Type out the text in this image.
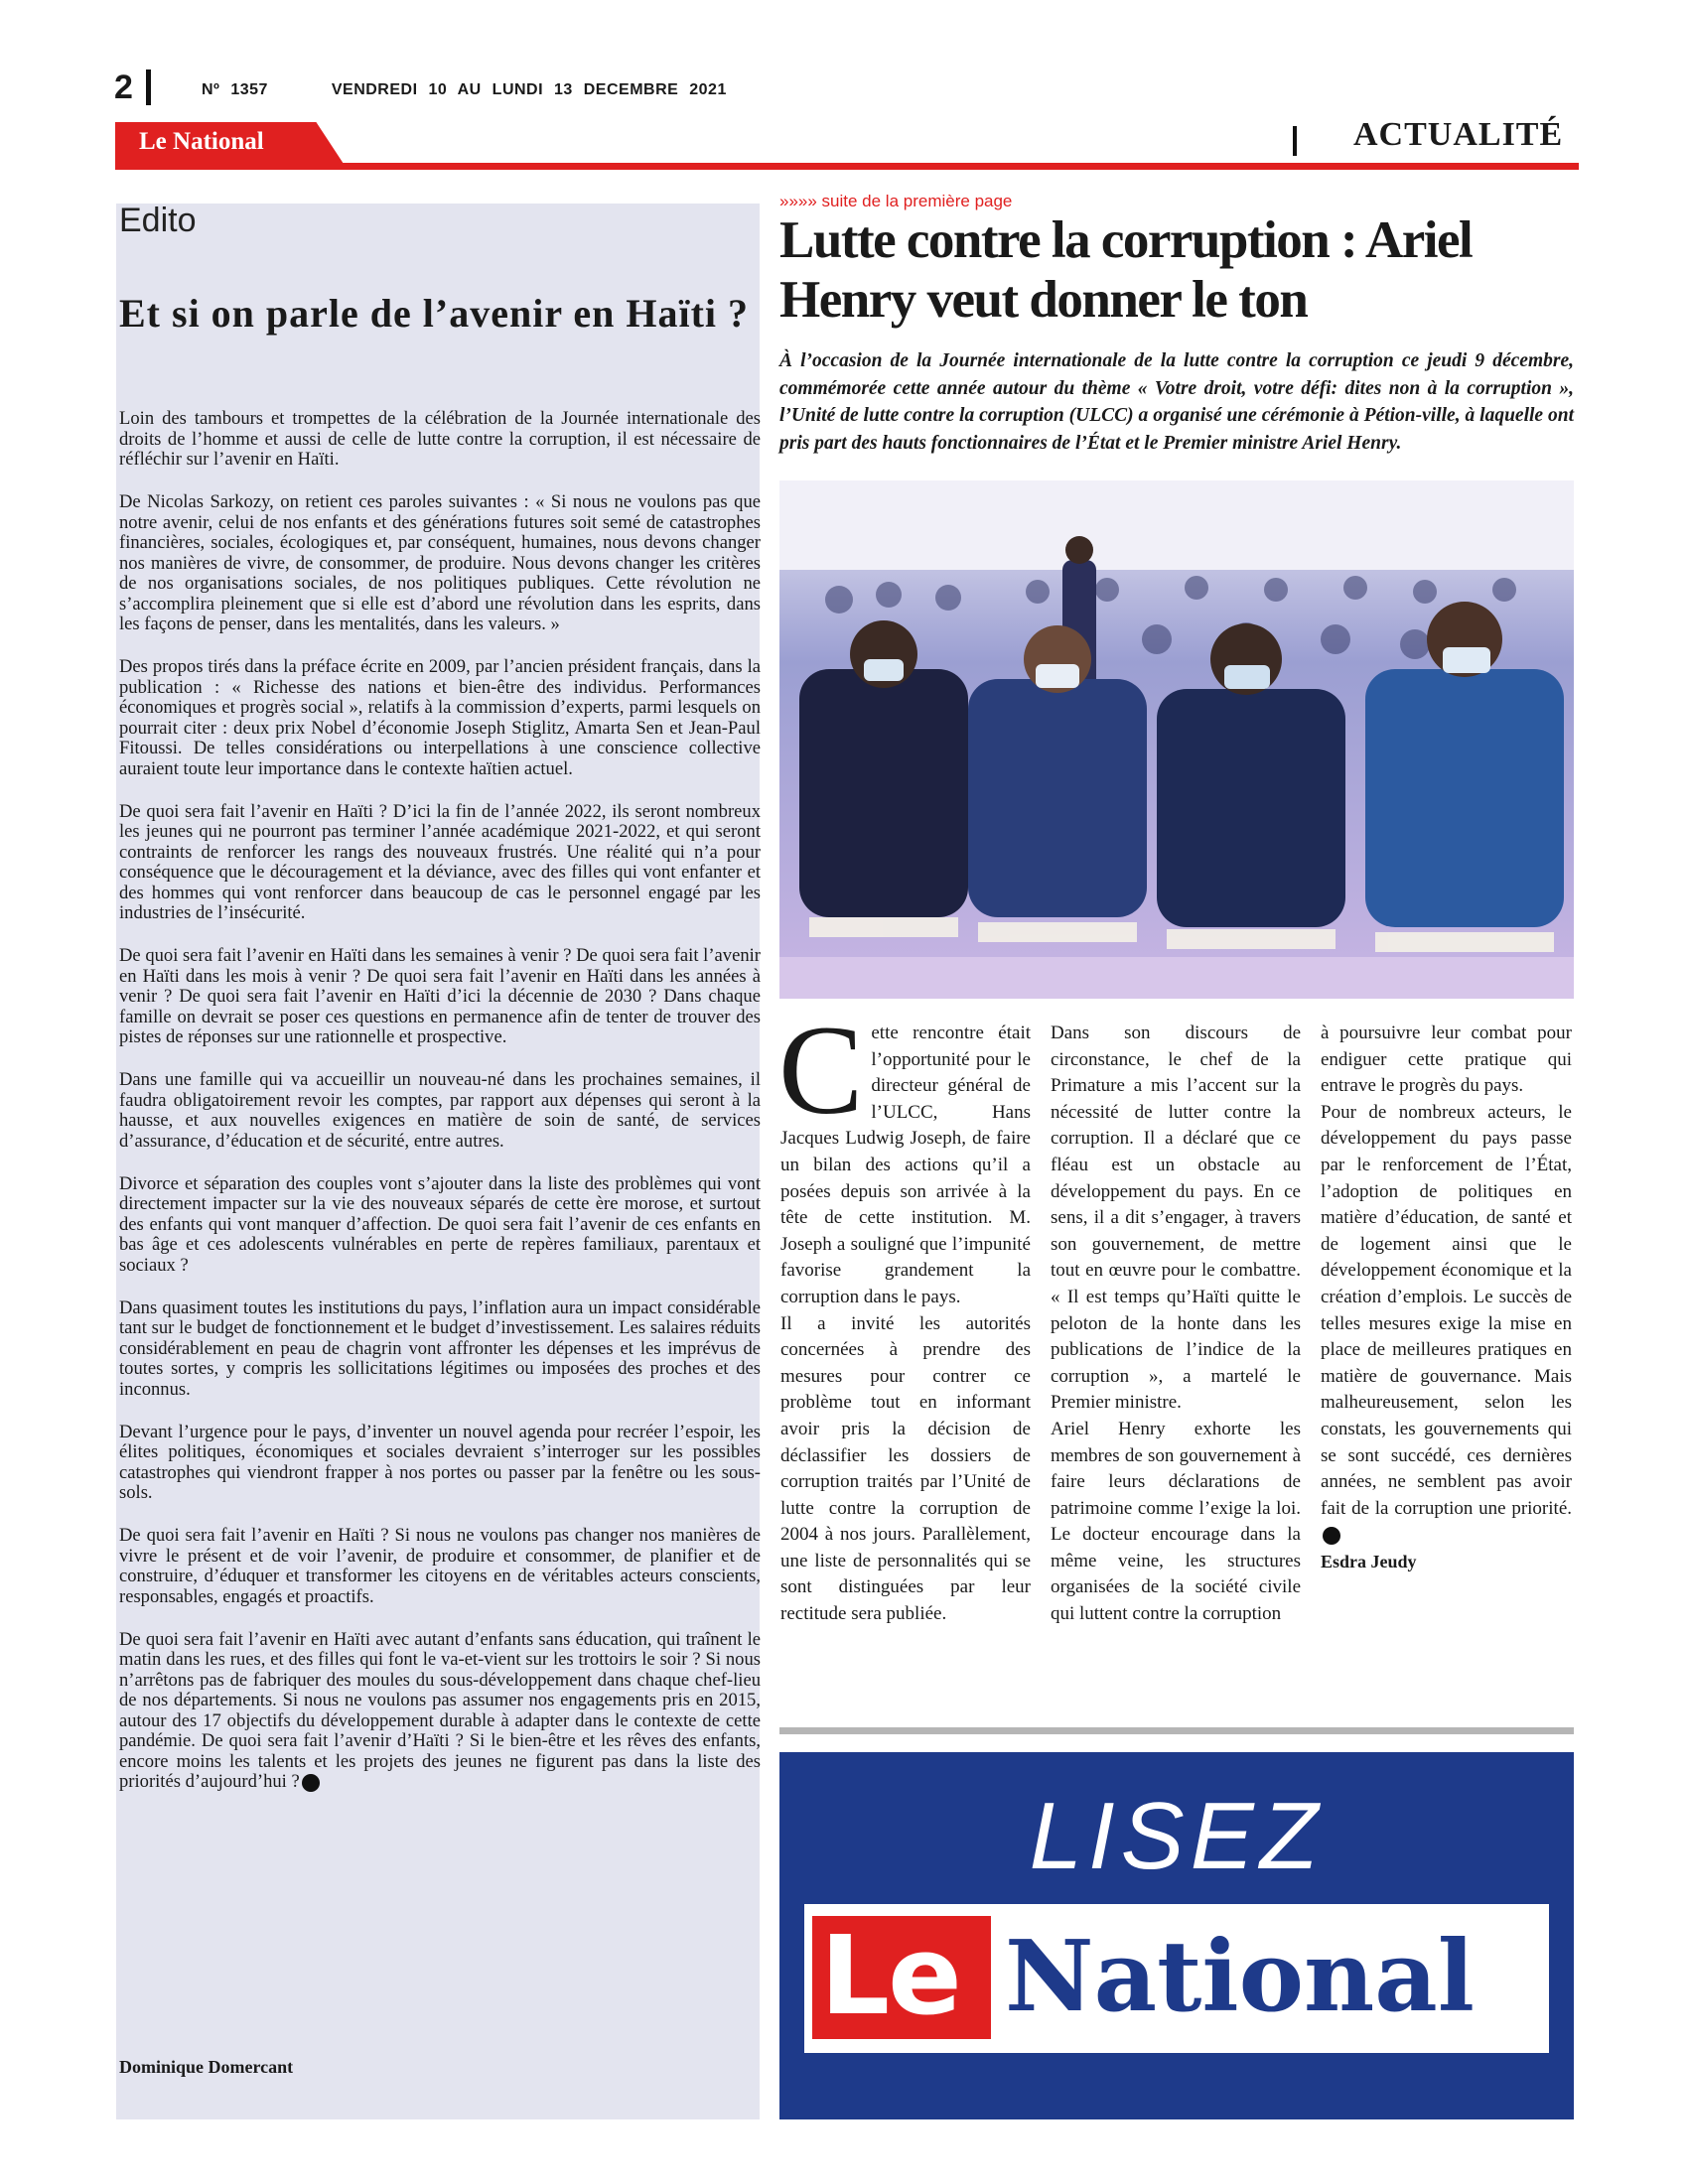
2	Nº 1357	VENDREDI 10 AU LUNDI 13 DECEMBRE 2021
Le National	ACTUALITÉ
Edito
Et si on parle de l’avenir en Haïti ?

Loin des tambours et trompettes de la célébration de la Journée internationale des droits de l’homme et aussi de celle de lutte contre la corruption, il est nécessaire de réfléchir sur l’avenir en Haïti.

De Nicolas Sarkozy, on retient ces paroles suivantes : « Si nous ne voulons pas que notre avenir, celui de nos enfants et des générations futures soit semé de catastrophes financières, sociales, écologiques et, par conséquent, humaines, nous devons changer nos manières de vivre, de consommer, de produire. Nous devons changer les critères de nos organisations sociales, de nos politiques publiques. Cette révolution ne s’accomplira pleinement que si elle est d’abord une révolution dans les esprits, dans les façons de penser, dans les mentalités, dans les valeurs. »

Des propos tirés dans la préface écrite en 2009, par l’ancien président français, dans la publication : « Richesse des nations et bien-être des individus. Performances économiques et progrès social », relatifs à la commission d’experts, parmi lesquels on pourrait citer : deux prix Nobel d’économie Joseph Stiglitz, Amarta Sen et Jean-Paul Fitoussi. De telles considérations ou interpellations à une conscience collective auraient toute leur importance dans le contexte haïtien actuel.

De quoi sera fait l’avenir en Haïti ? D’ici la fin de l’année 2022, ils seront nombreux les jeunes qui ne pourront pas terminer l’année académique 2021-2022, et qui seront contraints de renforcer les rangs des nouveaux frustrés. Une réalité qui n’a pour conséquence que le découragement et la déviance, avec des filles qui vont enfanter et des hommes qui vont renforcer dans beaucoup de cas le personnel engagé par les industries de l’insécurité.

De quoi sera fait l’avenir en Haïti dans les semaines à venir ? De quoi sera fait l’avenir en Haïti dans les mois à venir ? De quoi sera fait l’avenir en Haïti dans les années à venir ? De quoi sera fait l’avenir en Haïti d’ici la décennie de 2030 ? Dans chaque famille on devrait se poser ces questions en permanence afin de tenter de trouver des pistes de réponses sur une rationnelle et prospective.

Dans une famille qui va accueillir un nouveau-né dans les prochaines semaines, il faudra obligatoirement revoir les comptes, par rapport aux dépenses qui seront à la hausse, et aux nouvelles exigences en matière de soin de santé, de services d’assurance, d’éducation et de sécurité, entre autres.

Divorce et séparation des couples vont s’ajouter dans la liste des problèmes qui vont directement impacter sur la vie des nouveaux séparés de cette ère morose, et surtout des enfants qui vont manquer d’affection. De quoi sera fait l’avenir de ces enfants en bas âge et ces adolescents vulnérables en perte de repères familiaux, parentaux et sociaux ?

Dans quasiment toutes les institutions du pays, l’inflation aura un impact considérable tant sur le budget de fonctionnement et le budget d’investissement. Les salaires réduits considérablement en peau de chagrin vont affronter les dépenses et les imprévus de toutes sortes, y compris les sollicitations légitimes ou imposées des proches et des inconnus.

Devant l’urgence pour le pays, d’inventer un nouvel agenda pour recréer l’espoir, les élites politiques, économiques et sociales devraient s’interroger sur les possibles catastrophes qui viendront frapper à nos portes ou passer par la fenêtre ou les sous-sols.

De quoi sera fait l’avenir en Haïti ? Si nous ne voulons pas changer nos manières de vivre le présent et de voir l’avenir, de produire et consommer, de planifier et de construire, d’éduquer et transformer les citoyens en de véritables acteurs conscients, responsables, engagés et proactifs.

De quoi sera fait l’avenir en Haïti avec autant d’enfants sans éducation, qui traînent le matin dans les rues, et des filles qui font le va-et-vient sur les trottoirs le soir ? Si nous n’arrêtons pas de fabriquer des moules du sous-développement dans chaque chef-lieu de nos départements. Si nous ne voulons pas assumer nos engagements pris en 2015, autour des 17 objectifs du développement durable à adapter dans le contexte de cette pandémie. De quoi sera fait l’avenir d’Haïti ? Si le bien-être et les rêves des enfants, encore moins les talents et les projets des jeunes ne figurent pas dans la liste des priorités d’aujourd’hui ?

Dominique Domercant
»»»» suite de la première page
Lutte contre la corruption : Ariel Henry veut donner le ton
À l’occasion de la Journée internationale de la lutte contre la corruption ce jeudi 9 décembre, commémorée cette année autour du thème « Votre droit, votre défi: dites non à la corruption », l’Unité de lutte contre la corruption (ULCC) a organisé une cérémonie à Pétion-ville, à laquelle ont pris part des hauts fonctionnaires de l’État et le Premier ministre Ariel Henry.
C ette rencontre était l’opportunité pour le directeur général de l’ULCC, Hans Jacques Ludwig Joseph, de faire un bilan des actions qu’il a posées depuis son arrivée à la tête de cette institution. M. Joseph a souligné que l’impunité favorise grandement la corruption dans le pays.

Il a invité les autorités concernées à prendre des mesures pour contrer ce problème tout en informant avoir pris la décision de déclassifier les dossiers de corruption traités par l’Unité de lutte contre la corruption de 2004 à nos jours. Parallèlement, une liste de personnalités qui se sont distinguées par leur rectitude sera publiée.

Dans son discours de circonstance, le chef de la Primature a mis l’accent sur la nécessité de lutter contre la corruption. Il a déclaré que ce fléau est un obstacle au développement du pays. En ce sens, il a dit s’engager, à travers son gouvernement, de mettre tout en œuvre pour le combattre. « Il est temps qu’Haïti quitte le peloton de la honte dans les publications de l’indice de la corruption », a martelé le Premier ministre.

Ariel Henry exhorte les membres de son gouvernement à faire leurs déclarations de patrimoine comme l’exige la loi. Le docteur encourage dans la même veine, les structures organisées de la société civile qui luttent contre la corruption

à poursuivre leur combat pour endiguer cette pratique qui entrave le progrès du pays.

Pour de nombreux acteurs, le développement du pays passe par le renforcement de l’État, l’adoption de politiques en matière d’éducation, de santé et de logement ainsi que le développement économique et la création d’emplois. Le succès de telles mesures exige la mise en place de meilleures pratiques en matière de gouvernance. Mais malheureusement, selon les constats, les gouvernements qui se sont succédé, ces dernières années, ne semblent pas avoir fait de la corruption une priorité.

Esdra Jeudy

LISEZ
Le National
